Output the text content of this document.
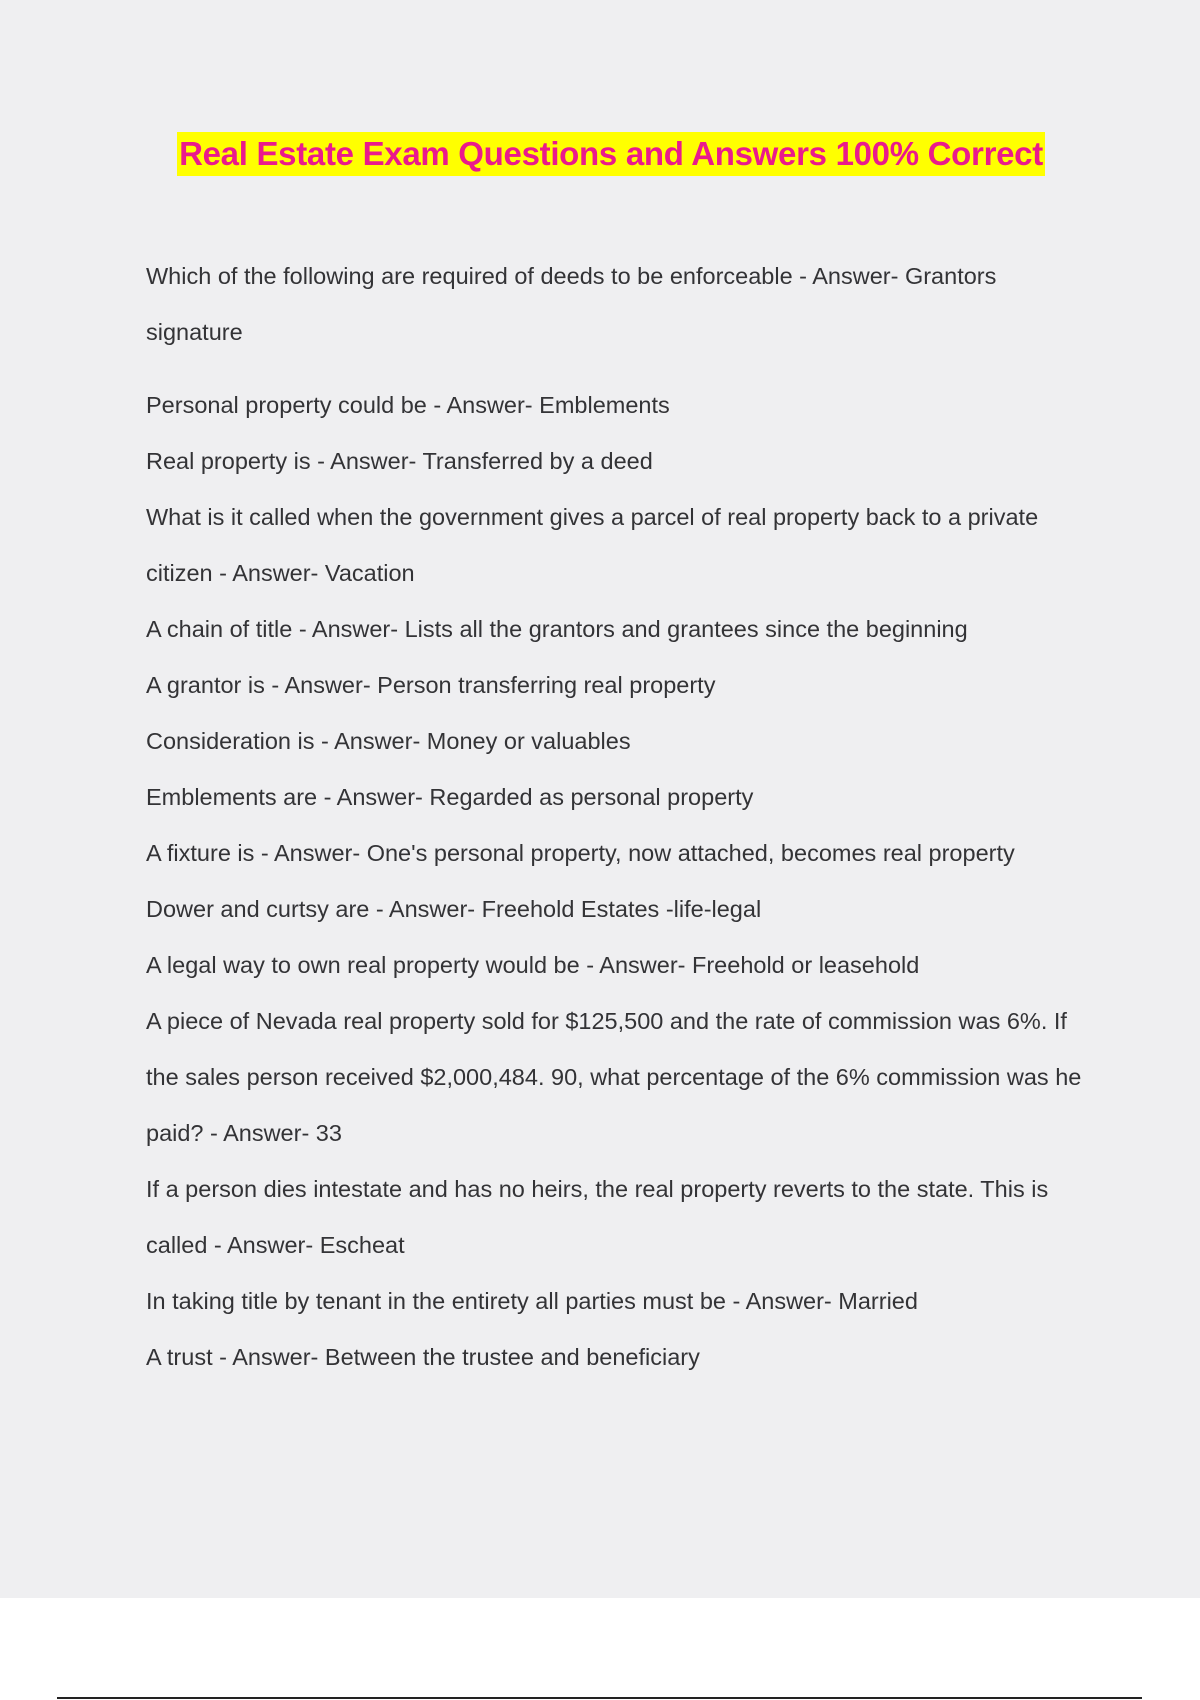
Real Estate Exam Questions and Answers 100% Correct
Which of the following are required of deeds to be enforceable - Answer- Grantors signature
Personal property could be - Answer- Emblements
Real property is - Answer- Transferred by a deed
What is it called when the government gives a parcel of real property back to a private citizen - Answer- Vacation
A chain of title - Answer- Lists all the grantors and grantees since the beginning
A grantor is - Answer- Person transferring real property
Consideration is - Answer- Money or valuables
Emblements are - Answer- Regarded as personal property
A fixture is - Answer- One's personal property, now attached, becomes real property
Dower and curtsy are - Answer- Freehold Estates -life-legal
A legal way to own real property would be - Answer- Freehold or leasehold
A piece of Nevada real property sold for $125,500 and the rate of commission was 6%. If the sales person received $2,000,484. 90, what percentage of the 6% commission was he paid? - Answer- 33
If a person dies intestate and has no heirs, the real property reverts to the state. This is called - Answer- Escheat
In taking title by tenant in the entirety all parties must be - Answer- Married
A trust - Answer- Between the trustee and beneficiary
